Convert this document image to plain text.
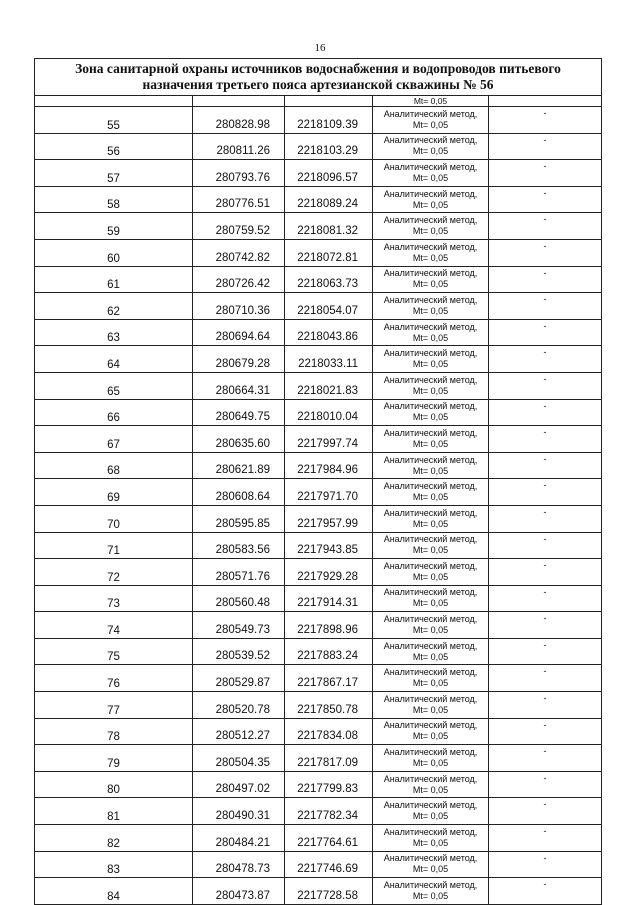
16
Зона санитарной охраны источников водоснабжения и водопроводов питьевого назначения третьего пояса артезианской скважины № 56				
			Mt= 0,05	
55	280828.98	2218109.39	Аналитический метод,
Mt= 0,05	-
56	280811.26	2218103.29	Аналитический метод,
Mt= 0,05	-
57	280793.76	2218096.57	Аналитический метод,
Mt= 0,05	-
58	280776.51	2218089.24	Аналитический метод,
Mt= 0,05	-
59	280759.52	2218081.32	Аналитический метод,
Mt= 0,05	-
60	280742.82	2218072.81	Аналитический метод,
Mt= 0,05	-
61	280726.42	2218063.73	Аналитический метод,
Mt= 0,05	-
62	280710.36	2218054.07	Аналитический метод,
Mt= 0,05	-
63	280694.64	2218043.86	Аналитический метод,
Mt= 0,05	-
64	280679.28	2218033.11	Аналитический метод,
Mt= 0,05	-
65	280664.31	2218021.83	Аналитический метод,
Mt= 0,05	-
66	280649.75	2218010.04	Аналитический метод,
Mt= 0,05	-
67	280635.60	2217997.74	Аналитический метод,
Mt= 0,05	-
68	280621.89	2217984.96	Аналитический метод,
Mt= 0,05	-
69	280608.64	2217971.70	Аналитический метод,
Mt= 0,05	-
70	280595.85	2217957.99	Аналитический метод,
Mt= 0,05	-
71	280583.56	2217943.85	Аналитический метод,
Mt= 0,05	-
72	280571.76	2217929.28	Аналитический метод,
Mt= 0,05	-
73	280560.48	2217914.31	Аналитический метод,
Mt= 0,05	-
74	280549.73	2217898.96	Аналитический метод,
Mt= 0,05	-
75	280539.52	2217883.24	Аналитический метод,
Mt= 0,05	-
76	280529.87	2217867.17	Аналитический метод,
Mt= 0,05	-
77	280520.78	2217850.78	Аналитический метод,
Mt= 0,05	-
78	280512.27	2217834.08	Аналитический метод,
Mt= 0,05	-
79	280504.35	2217817.09	Аналитический метод,
Mt= 0,05	-
80	280497.02	2217799.83	Аналитический метод,
Mt= 0,05	-
81	280490.31	2217782.34	Аналитический метод,
Mt= 0,05	-
82	280484.21	2217764.61	Аналитический метод,
Mt= 0,05	-
83	280478.73	2217746.69	Аналитический метод,
Mt= 0,05	-
84	280473.87	2217728.58	Аналитический метод,
Mt= 0,05	-
